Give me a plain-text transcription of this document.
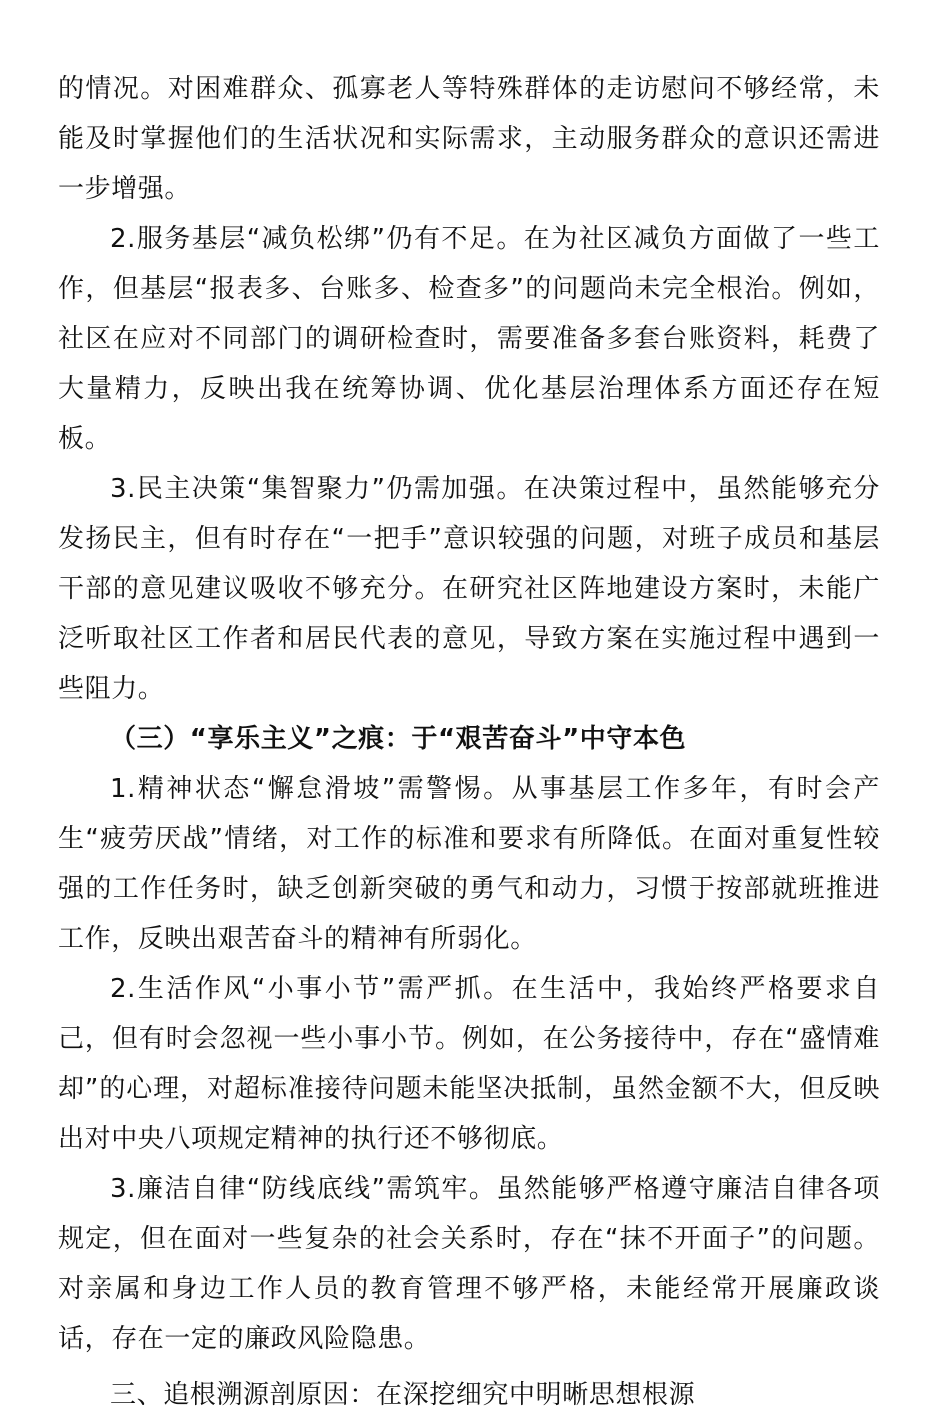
的情况。对困难群众、孤寡老人等特殊群体的走访慰问不够经常，未能及时掌握他们的生活状况和实际需求，主动服务群众的意识还需进一步增强。

2.服务基层“减负松绑”仍有不足。在为社区减负方面做了一些工作，但基层“报表多、台账多、检查多”的问题尚未完全根治。例如，社区在应对不同部门的调研检查时，需要准备多套台账资料，耗费了大量精力，反映出我在统筹协调、优化基层治理体系方面还存在短板。

3.民主决策“集智聚力”仍需加强。在决策过程中，虽然能够充分发扬民主，但有时存在“一把手”意识较强的问题，对班子成员和基层干部的意见建议吸收不够充分。在研究社区阵地建设方案时，未能广泛听取社区工作者和居民代表的意见，导致方案在实施过程中遇到一些阻力。

（三）“享乐主义”之痕：于“艰苦奋斗”中守本色

1.精神状态“懈怠滑坡”需警惕。从事基层工作多年，有时会产生“疲劳厌战”情绪，对工作的标准和要求有所降低。在面对重复性较强的工作任务时，缺乏创新突破的勇气和动力，习惯于按部就班推进工作，反映出艰苦奋斗的精神有所弱化。

2.生活作风“小事小节”需严抓。在生活中，我始终严格要求自己，但有时会忽视一些小事小节。例如，在公务接待中，存在“盛情难却”的心理，对超标准接待问题未能坚决抵制，虽然金额不大，但反映出对中央八项规定精神的执行还不够彻底。

3.廉洁自律“防线底线”需筑牢。虽然能够严格遵守廉洁自律各项规定，但在面对一些复杂的社会关系时，存在“抹不开面子”的问题。对亲属和身边工作人员的教育管理不够严格，未能经常开展廉政谈话，存在一定的廉政风险隐患。

三、追根溯源剖原因：在深挖细究中明晰思想根源
